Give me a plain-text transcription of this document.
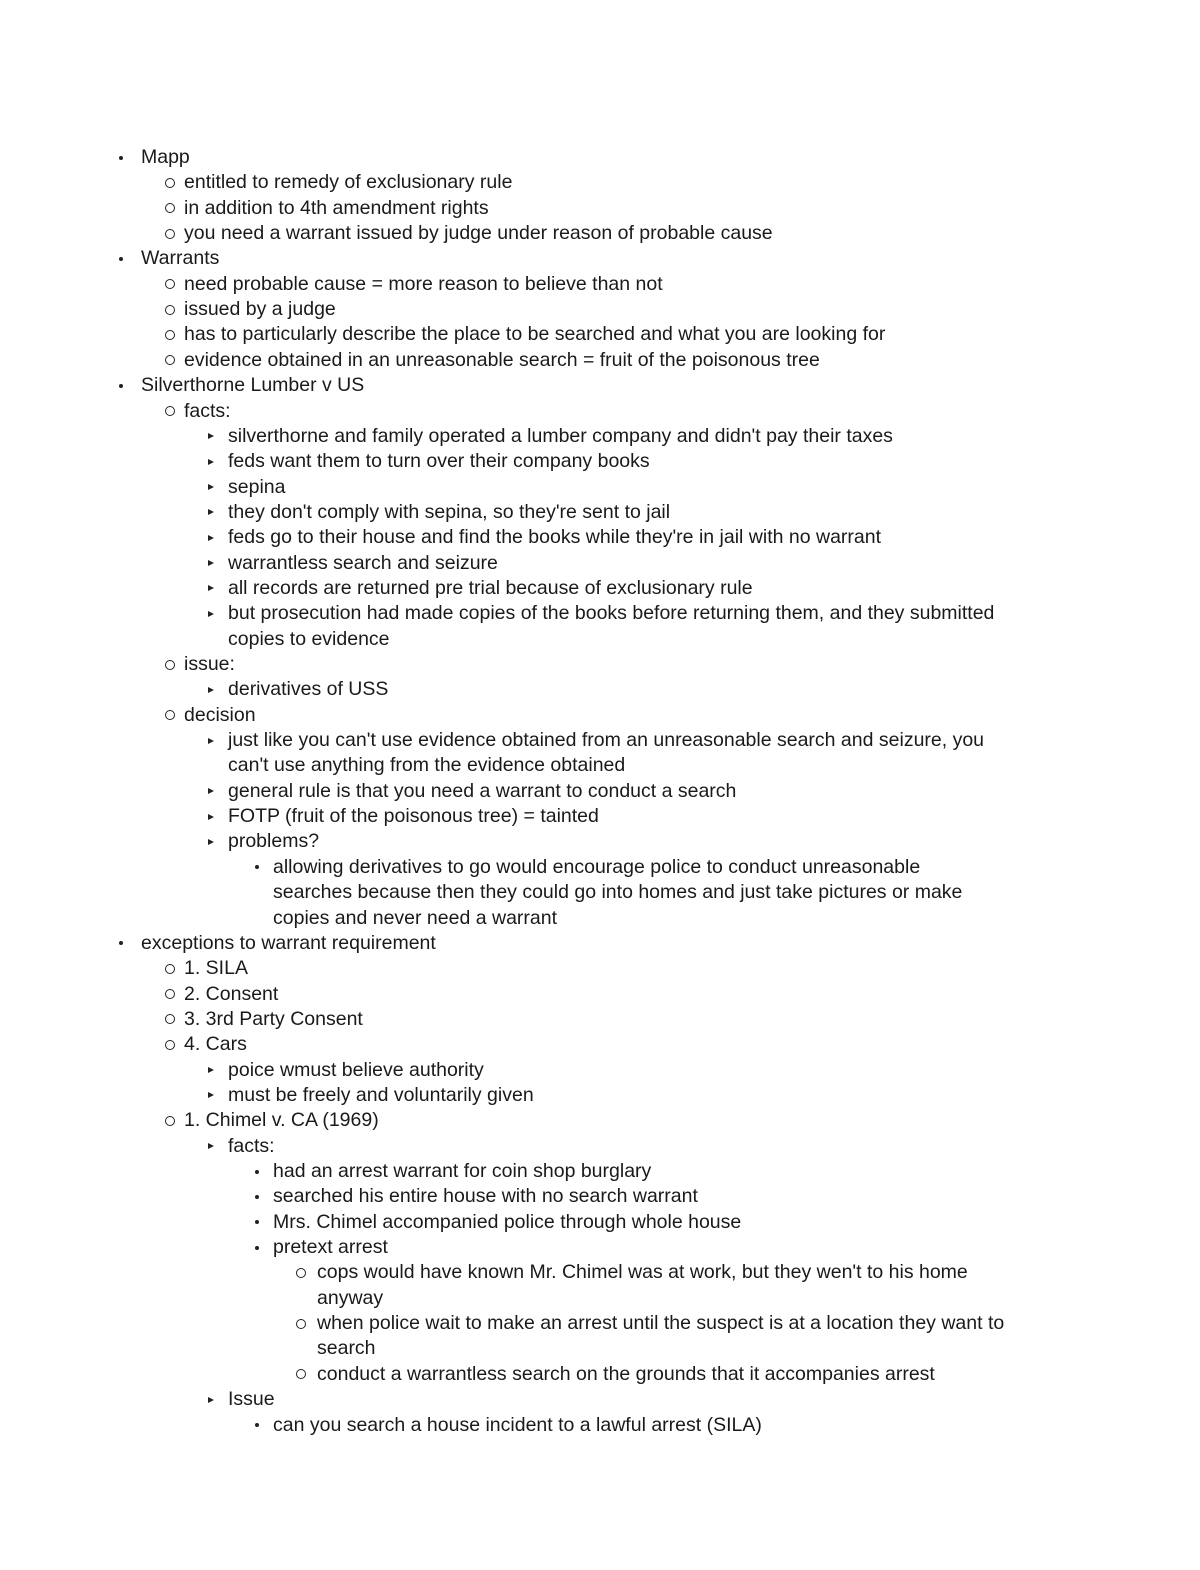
Mapp
entitled to remedy of exclusionary rule
in addition to 4th amendment rights
you need a warrant issued by judge under reason of probable cause
Warrants
need probable cause = more reason to believe than not
issued by a judge
has to particularly describe the place to be searched and what you are looking for
evidence obtained in an unreasonable search = fruit of the poisonous tree
Silverthorne Lumber v US
facts:
silverthorne and family operated a lumber company and didn't pay their taxes
feds want them to turn over their company books
sepina
they don't comply with sepina, so they're sent to jail
feds go to their house and find the books while they're in jail with no warrant
warrantless search and seizure
all records are returned pre trial because of exclusionary rule
but prosecution had made copies of the books before returning them, and they submitted
copies to evidence
issue:
derivatives of USS
decision
just like you can't use evidence obtained from an unreasonable search and seizure, you
can't use anything from the evidence obtained
general rule is that you need a warrant to conduct a search
FOTP (fruit of the poisonous tree) = tainted
problems?
allowing derivatives to go would encourage police to conduct unreasonable
searches because then they could go into homes and just take pictures or make
copies and never need a warrant
exceptions to warrant requirement
1. SILA
2. Consent
3. 3rd Party Consent
4. Cars
poice wmust believe authority
must be freely and voluntarily given
1. Chimel v. CA (1969)
facts:
had an arrest warrant for coin shop burglary
searched his entire house with no search warrant
Mrs. Chimel accompanied police through whole house
pretext arrest
cops would have known Mr. Chimel was at work, but they wen't to his home
anyway
when police wait to make an arrest until the suspect is at a location they want to
search
conduct a warrantless search on the grounds that it accompanies arrest
Issue
can you search a house incident to a lawful arrest (SILA)
